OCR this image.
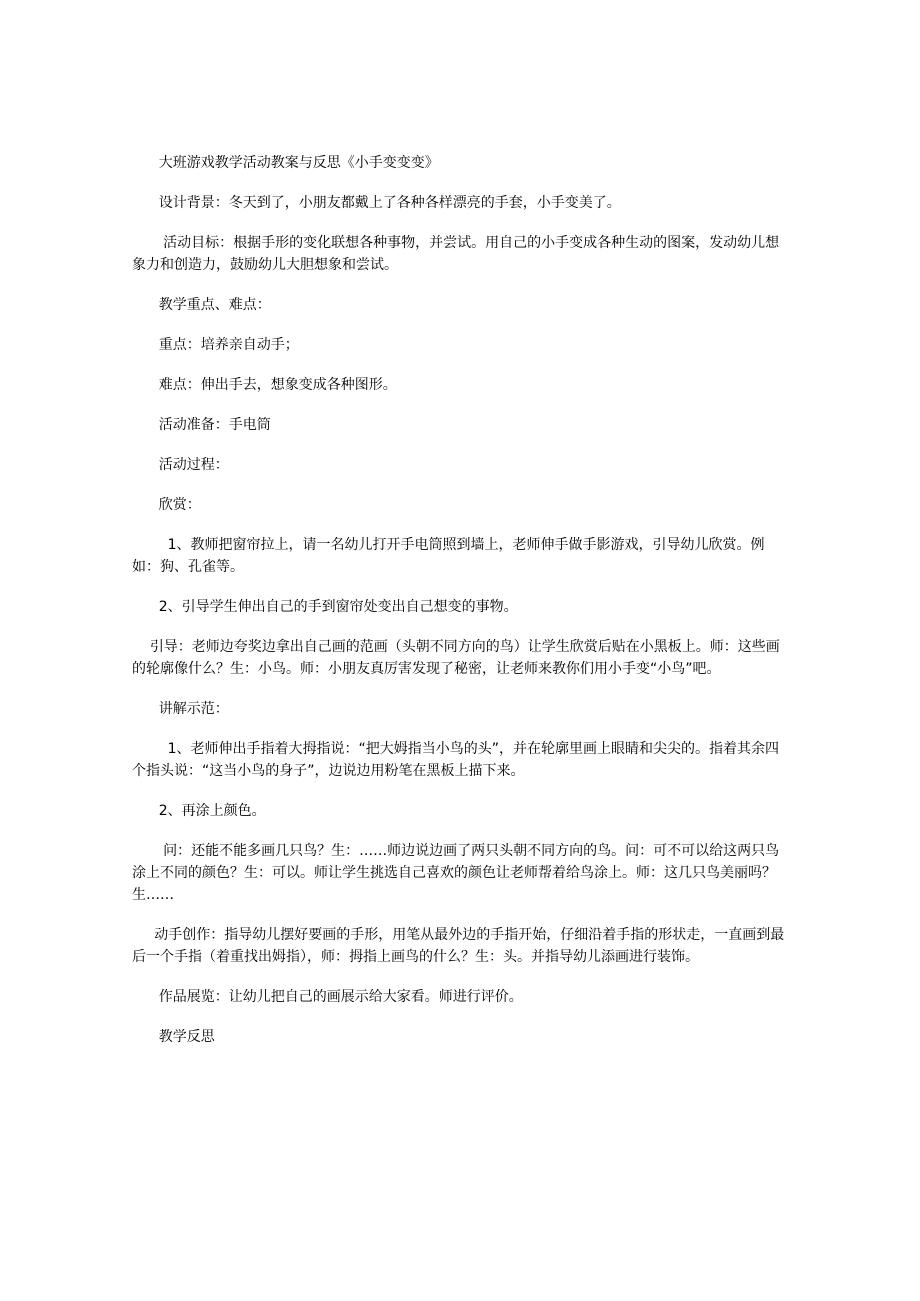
大班游戏教学活动教案与反思《小手变变变》

设计背景：冬天到了，小朋友都戴上了各种各样漂亮的手套，小手变美了。

活动目标：根据手形的变化联想各种事物，并尝试。用自己的小手变成各种生动的图案，发动幼儿想象力和创造力，鼓励幼儿大胆想象和尝试。

教学重点、难点：

重点：培养亲自动手；

难点：伸出手去，想象变成各种图形。

活动准备：手电筒

活动过程：

欣赏：

1、教师把窗帘拉上，请一名幼儿打开手电筒照到墙上，老师伸手做手影游戏，引导幼儿欣赏。例如：狗、孔雀等。

2、引导学生伸出自己的手到窗帘处变出自己想变的事物。

引导：老师边夸奖边拿出自己画的范画（头朝不同方向的鸟）让学生欣赏后贴在小黑板上。师：这些画的轮廓像什么？生：小鸟。师：小朋友真厉害发现了秘密，让老师来教你们用小手变“小鸟”吧。

讲解示范：

1、老师伸出手指着大拇指说：“把大姆指当小鸟的头”，并在轮廓里画上眼睛和尖尖的。指着其余四个指头说：“这当小鸟的身子”，边说边用粉笔在黑板上描下来。

2、再涂上颜色。

问：还能不能多画几只鸟？生：……师边说边画了两只头朝不同方向的鸟。问：可不可以给这两只鸟涂上不同的颜色？生：可以。师让学生挑选自己喜欢的颜色让老师帮着给鸟涂上。师：这几只鸟美丽吗？生……

动手创作：指导幼儿摆好要画的手形，用笔从最外边的手指开始，仔细沿着手指的形状走，一直画到最后一个手指（着重找出姆指），师：拇指上画鸟的什么？生：头。并指导幼儿添画进行装饰。

作品展览：让幼儿把自己的画展示给大家看。师进行评价。

教学反思
